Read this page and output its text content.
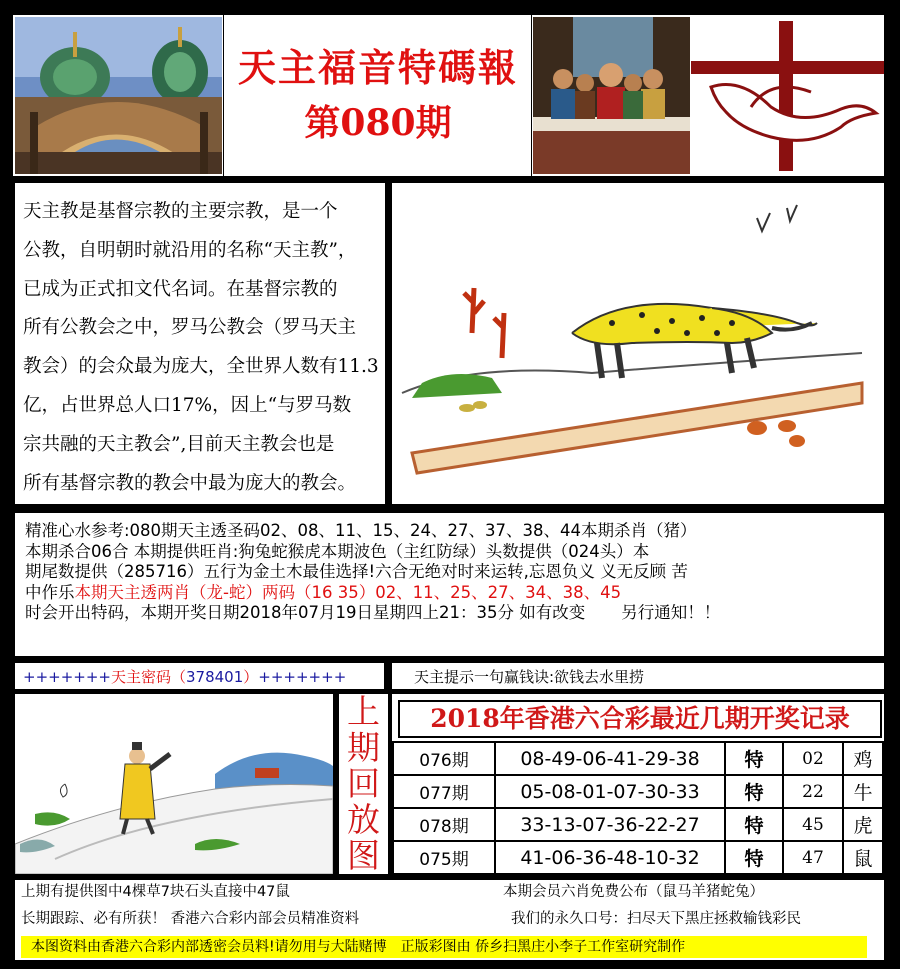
天主福音特碼報
第080期

天主教是基督宗教的主要宗教，是一个

公教，自明朝时就沿用的名称“天主教”，

已成为正式扣文代名词。在基督宗教的

所有公教会之中，罗马公教会（罗马天主

教会）的会众最为庞大，全世界人数有11.3

亿，占世界总人口17%，因上“与罗马数

宗共融的天主教会”,目前天主教会也是

所有基督宗教的教会中最为庞大的教会。

精准心水参考:080期天主透圣码02、08、11、15、24、27、37、38、44本期杀肖（猪）

本期杀合06合 本期提供旺肖:狗兔蛇猴虎本期波色（主红防绿）头数提供（024头）本

期尾数提供（285716）五行为金土木最佳选择!六合无绝对时来运转,忘恩负义 义无反顾 苦

中作乐本期天主透两肖（龙-蛇）两码（16 35）02、11、25、27、34、38、45

时会开出特码，本期开奖日期2018年07月19日星期四上21：35分 如有改变 另行通知！！

+++++++天主密码（378401）+++++++	天主提示一句赢钱诀:欲钱去水里捞
上
期
回
放
图
2018年香港六合彩最近几期开奖记录
076期	08-49-06-41-29-38	特	02	鸡
077期	05-08-01-07-30-33	特	22	牛
078期	33-13-07-36-22-27	特	45	虎
075期	41-06-36-48-10-32	特	47	鼠

上期有提供图中4棵草7块石头直接中47鼠	本期会员六肖免费公布（鼠马羊猪蛇兔）

长期跟踪、必有所获！ 香港六合彩内部会员精准资料	我们的永久口号：扫尽天下黑庄拯救输钱彩民

本图资料由香港六合彩内部透密会员料!请勿用与大陆赌博 正版彩图由 侨乡扫黑庄小李子工作室研究制作
